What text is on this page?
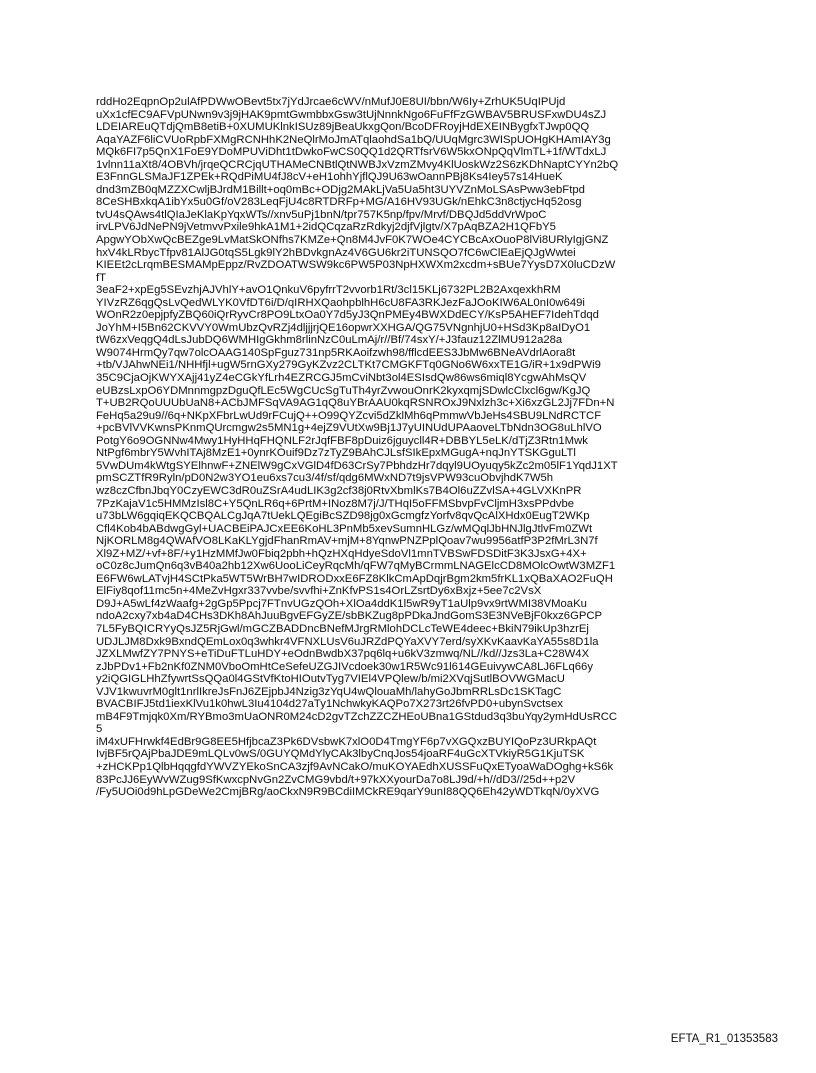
rddHo2EqpnOp2ulAfPDWwOBevt5tx7jYdJrcae6cWV/nMufJ0E8UI/bbn/W6Iy+ZrhUK5UqIPUjd
uXx1cfEC9AFVpUNwn9v3j9jHAK9pmtGwmbbxGsw3tUjNnnkNgo6FuFfFzGWBAV5BRUSFxwDU4sZJ
LDEIAREuQTdjQmB8etiB+0XUMUKlnkISUz89jBeaUkxgQon/BcoDFRoyjHdEXEINBygfxTJwp0QQ
AqaYAZF6liCVUoRpbFXMgRCNHhK2NeQlrMoJmATqlaohdSa1bQ/UUqMgrc3WISpUOHgKHAmIAY3g
MQk6FI7p5QnX1FoE9YDoMPUViDht1tDwkoFwCS0QQ1d2QRTfsrV6W5kxONpQqVlmTL+1f/WTdxLJ
1vlnn11aXt8/4OBVh/jrqeQCRCjqUTHAMeCNBtlQtNWBJxVzmZMvy4KlUoskWz2S6zKDhNaptCYYn2bQ
E3FnnGLSMaJF1ZPEk+RQdPiMU4fJ8cV+eH1ohhYjflQJ9U63wOannPBj8Ks4Iey57s14HueK
dnd3mZB0qMZZXCwljBJrdM1Billt+oq0mBc+ODjg2MAkLjVa5Ua5ht3UYVZnMoLSAsPww3ebFtpd
8CeSHBxkqA1ibYx5u0Gf/oV283LeqFjU4c8RTDRFp+MG/A16HV93UGk/nEhkC3n8ctjycHq52osg
tvU4sQAws4tlQIaJeKlaKpYqxWTs//xnv5uPj1bnN/tpr757K5np/fpv/Mrvf/DBQJd5ddVrWpoC
irvLPV6JdNePN9jVetmvvPxile9hkA1M1+2idQCqzaRzRdkyj2djfVjlgtv/X7pAqBZA2H1QFbY5
ApgwYObXwQcBEZge9LvMatSkONfhs7KMZe+Qn8M4JvF0K7WOe4CYCBcAxOuoP8lVi8URlyIgjGNZ
hxV4kLRbycTfpv81AlJG0tqS5Lgk9lY2hBDvkgnAz4V6GU6kr2iTUNSQO7fC6wClEaEjQJgWwtei
KIEEt2cLrqmBESMAMpEppz/RvZDOATWSW9kc6PW5P03NpHXWXm2xcdm+sBUe7YysD7X0luCDzW
fT
3eaF2+xpEg5SEvzhjAJVhlY+avO1QnkuV6pyfrrT2vvorb1Rt/3cl15KLj6732PL2B2AxqexkhRM
YIVzRZ6qgQsLvQedWLYK0VfDT6i/D/qIRHXQaohpblhH6cU8FA3RKJezFaJOoKIW6AL0nI0w649i
WOnR2z0epjpfyZBQ60iQrRyvCr8PO9LtxOa0Y7d5yJ3QnPMEy4BWXDdECY/KsP5AHEF7IdehTdqd
JoYhM+I5Bn62CKVVY0WmUbzQvRZj4dljjjrjQE16opwrXXHGA/QG75VNgnhjU0+HSd3Kp8aIDyO1
tW6zxVeqgQ4dLsJubDQ6WMHIgGkhm8rlinNzC0uLmAj/r//Bf/74sxY/+J3fauz12ZlMU912a28a
W9074HrmQy7qw7olcOAAG140SpFguz731np5RKAoifzwh98/fflcdEES3JbMw6BNeAVdrlAora8t
+tb/VJAhwNEi1/NHHfjl+ugW5rnGXy279GyKZvz2CLTKt7CMGKFTq0GNo6W6xxTE1G/iR+1x9dPWi9
35C9CjaOjKWYXAjj41yZ4eCGkYfLrh4EZRCGJ5mCviNbt3ol4ESIsdQw86ws6miql8YcgwAhMsQV
eUBzsLxpO6YDMnnmgpzDguQfLEc5WgCUcSgTuTh4yrZvwouOnrK2kyxqmjSDwlcClxcl6gw/KgJQ
T+UB2RQoUUUbUaN8+ACbJMFSqVA9AG1qQ8uYBrAAU0kqRSNROxJ9Nxlzh3c+Xi6xzGL2Jj7FDn+N
FeHq5a29u9//6q+NKpXFbrLwUd9rFCujQ++O99QYZcvi5dZklMh6qPmmwVbJeHs4SBU9LNdRCTCF
+pcBVlVVKwnsPKnmQUrcmgw2s5MN1g+4ejZ9VUtXw9Bj1J7yUINUdUPAaoveLTbNdn3OG8uLhlVO
PotgY6o9OGNNw4Mwy1HyHHqFHQNLF2rJqfFBF8pDuiz6jguycll4R+DBBYL5eLK/dTjZ3Rtn1Mwk
NtPgf6mbrY5WvhITAj8MzE1+0ynrKOuif9Dz7zTyZ9BAhCJLsfSIkEpxMGugA+nqJnYTSKGguLTl
5VwDUm4kWtgSYElhnwF+ZNElW9gCxVGlD4fD63CrSy7PbhdzHr7dqyl9UOyuqy5kZc2m05lF1YqdJ1XT
pmSCZTfR9Ryln/pD0N2w3YO1eu6xs7cu3/4f/sf/qdg6MWxND7t9jsVPW93cuObvjhdK7W5h
wz8czCfbnJbqY0CzyEWC3dR0uZSrA4udLIK3g2cf38j0RtvXbmlKs7B4Ol6uZZvlSA+4GLVXKnPR
7PzKajaV1c5HMMzIsl8C+Y5QnLR6q+6PrtM+INoz8M7j/J/THqI5oFFMSbvpFvCljmH3xsPPdvbe
u73bLW6gqiqEKQCBQALCgJqA7tUekLQEgiBcSZD98jg0xGcmgfzYorfv8qvQcAlXHdx0EugT2WKp
Cfl4Kob4bABdwgGyl+UACBEiPAJCxEE6KoHL3PnMb5xevSumnHLGz/wMQqlJbHNJlgJtlvFm0ZWt
NjKORLM8g4QWAfVO8LKaKLYgjdFhanRmAV+mjM+8YqnwPNZPplQoav7wu9956atfP3P2fMrL3N7f
Xl9Z+MZ/+vf+8F/+y1HzMMfJw0Fbiq2pbh+hQzHXqHdyeSdoVl1mnTVBSwFDSDitF3K3JsxG+4X+
oC0z8cJumQn6q3vB40a2hb12Xw6UooLiCeyRqcMh/qFW7qMyBCrmmLNAGElcCD8MOlcOwtW3MZF1
E6FW6wLATvjH4SCtPka5WT5WrBH7wIDRODxxE6FZ8KlkCmApDqjrBgm2km5frKL1xQBaXAO2FuQH
ElFiy8qof11mc5n+4MeZvHgxr337vvbe/svvfhi+ZnKfvPS1s4OrLZsrtDy6xBxjz+5ee7c2VsX
D9J+A5wLf4zWaafg+2gGp5Ppcj7FTnvUGzQOh+XlOa4ddK1l5wR9yT1aUlp9vx9rtWMI38VMoaKu
ndoA2cxy7xb4aD4CHs3DKh8AhJuuBgvEFGyZE/sbBKZug8pPDkaJndGomS3E3NVeBjF0kxz6GPCP
7L5FyBQICRYyQsJZ5RjGwl/mGCZBADDncBNefMJrgRMlohDCLcTeWE4deec+BkiN79ikUp3hzrEj
UDJLJM8Dxk9BxndQEmLox0q3whkr4VFNXLUsV6uJRZdPQYaXVY7erd/syXKvKaavKaYA55s8D1la
JZXLMwfZY7PNYS+eTiDuFTLuHDY+eOdnBwdbX37pq6lq+u6kV3zmwq/NL//kd//Jzs3La+C28W4X
zJbPDv1+Fb2nKf0ZNM0VboOmHtCeSefeUZGJIVcdoek30w1R5Wc91l614GEuivywCA8LJ6FLq66y
y2iQGIGLHhZfywrtSsQQa0l4GStVfKtoHIOutvTyg7VIEl4VPQlew/b/mi2XVqjSutlBOVWGMacU
VJV1kwuvrM0glt1nrlIkreJsFnJ6ZEjpbJ4Nzig3zYqU4wQlouaMh/lahyGoJbmRRLsDc1SKTagC
BVACBIFJ5td1iexKlVu1k0hwL3Iu4104d27aTy1NchwkyKAQPo7X273rt26fvPD0+ubynSvctsex
mB4F9Tmjqk0Xm/RYBmo3mUaONR0M24cD2gvTZchZZCZHEoUBna1GStdud3q3buYqy2ymHdUsRCC
5
iM4xUFHrwkf4EdBr9G8EE5HfjbcaZ3Pk6DVsbwK7xlO0D4TmgYF6p7vXGQxzBUYIQoPz3URkpAQt
IvjBF5rQAjPbaJDE9mLQLv0wS/0GUYQMdYlyCAk3lbyCnqJos54joaRF4uGcXTVkiyR5G1KjuTSK
+zHCKPp1QlbHqqgfdYWVZYEkoSnCA3zjf9AvNCakO/muKOYAEdhXUSSFuQxETyoaWaDOghg+kS6k
83PcJJ6EyWvWZug9SfKwxcpNvGn2ZvCMG9vbd/t+97kXXyourDa7o8LJ9d/+h//dD3//25d++p2V
/Fy5UOi0d9hLpGDeWe2CmjBRg/aoCkxN9R9BCdiIMCkRE9qarY9unI88QQ6Eh42yWDTkqN/0yXVG
EFTA_R1_01353583
